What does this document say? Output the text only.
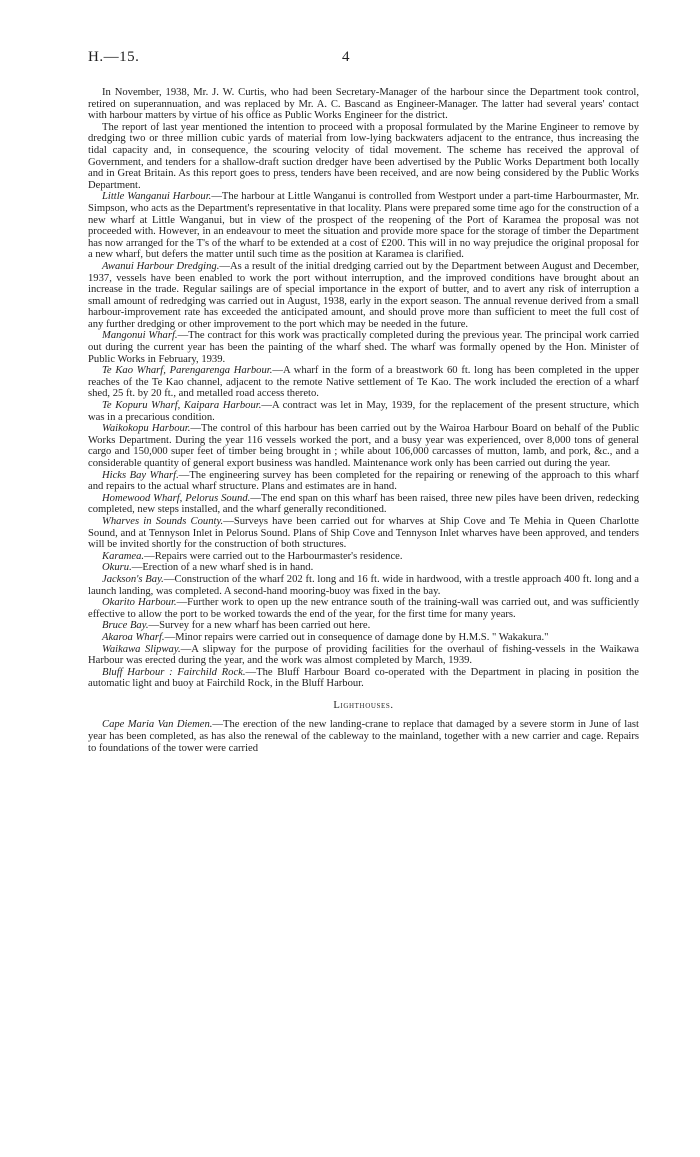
H.—15.	4

In November, 1938, Mr. J. W. Curtis, who had been Secretary-Manager of the harbour since the Department took control, retired on superannuation, and was replaced by Mr. A. C. Bascand as Engineer-Manager. The latter had several years' contact with harbour matters by virtue of his office as Public Works Engineer for the district.

The report of last year mentioned the intention to proceed with a proposal formulated by the Marine Engineer to remove by dredging two or three million cubic yards of material from low-lying backwaters adjacent to the entrance, thus increasing the tidal capacity and, in consequence, the scouring velocity of tidal movement. The scheme has received the approval of Government, and tenders for a shallow-draft suction dredger have been advertised by the Public Works Department both locally and in Great Britain. As this report goes to press, tenders have been received, and are now being considered by the Public Works Department.

Little Wanganui Harbour.—The harbour at Little Wanganui is controlled from Westport under a part-time Harbourmaster, Mr. Simpson, who acts as the Department's representative in that locality. Plans were prepared some time ago for the construction of a new wharf at Little Wanganui, but in view of the prospect of the reopening of the Port of Karamea the proposal was not proceeded with. However, in an endeavour to meet the situation and provide more space for the storage of timber the Department has now arranged for the T's of the wharf to be extended at a cost of £200. This will in no way prejudice the original proposal for a new wharf, but defers the matter until such time as the position at Karamea is clarified.

Awanui Harbour Dredging.—As a result of the initial dredging carried out by the Department between August and December, 1937, vessels have been enabled to work the port without interruption, and the improved conditions have brought about an increase in the trade. Regular sailings are of special importance in the export of butter, and to avert any risk of interruption a small amount of redredging was carried out in August, 1938, early in the export season. The annual revenue derived from a small harbour-improvement rate has exceeded the anticipated amount, and should prove more than sufficient to meet the full cost of any further dredging or other improvement to the port which may be needed in the future.

Mangonui Wharf.—The contract for this work was practically completed during the previous year. The principal work carried out during the current year has been the painting of the wharf shed. The wharf was formally opened by the Hon. Minister of Public Works in February, 1939.

Te Kao Wharf, Parengarenga Harbour.—A wharf in the form of a breastwork 60 ft. long has been completed in the upper reaches of the Te Kao channel, adjacent to the remote Native settlement of Te Kao. The work included the erection of a wharf shed, 25 ft. by 20 ft., and metalled road access thereto.

Te Kopuru Wharf, Kaipara Harbour.—A contract was let in May, 1939, for the replacement of the present structure, which was in a precarious condition.

Waikokopu Harbour.—The control of this harbour has been carried out by the Wairoa Harbour Board on behalf of the Public Works Department. During the year 116 vessels worked the port, and a busy year was experienced, over 8,000 tons of general cargo and 150,000 super feet of timber being brought in ; while about 106,000 carcasses of mutton, lamb, and pork, &c., and a considerable quantity of general export business was handled. Maintenance work only has been carried out during the year.

Hicks Bay Wharf.—The engineering survey has been completed for the repairing or renewing of the approach to this wharf and repairs to the actual wharf structure. Plans and estimates are in hand.

Homewood Wharf, Pelorus Sound.—The end span on this wharf has been raised, three new piles have been driven, redecking completed, new steps installed, and the wharf generally reconditioned.

Wharves in Sounds County.—Surveys have been carried out for wharves at Ship Cove and Te Mehia in Queen Charlotte Sound, and at Tennyson Inlet in Pelorus Sound. Plans of Ship Cove and Tennyson Inlet wharves have been approved, and tenders will be invited shortly for the construction of both structures.

Karamea.—Repairs were carried out to the Harbourmaster's residence.

Okuru.—Erection of a new wharf shed is in hand.

Jackson's Bay.—Construction of the wharf 202 ft. long and 16 ft. wide in hardwood, with a trestle approach 400 ft. long and a launch landing, was completed. A second-hand mooring-buoy was fixed in the bay.

Okarito Harbour.—Further work to open up the new entrance south of the training-wall was carried out, and was sufficiently effective to allow the port to be worked towards the end of the year, for the first time for many years.

Bruce Bay.—Survey for a new wharf has been carried out here.

Akaroa Wharf.—Minor repairs were carried out in consequence of damage done by H.M.S. " Wakakura."

Waikawa Slipway.—A slipway for the purpose of providing facilities for the overhaul of fishing-vessels in the Waikawa Harbour was erected during the year, and the work was almost completed by March, 1939.

Bluff Harbour : Fairchild Rock.—The Bluff Harbour Board co-operated with the Department in placing in position the automatic light and buoy at Fairchild Rock, in the Bluff Harbour.

Lighthouses.

Cape Maria Van Diemen.—The erection of the new landing-crane to replace that damaged by a severe storm in June of last year has been completed, as has also the renewal of the cableway to the mainland, together with a new carrier and cage. Repairs to foundations of the tower were carried
